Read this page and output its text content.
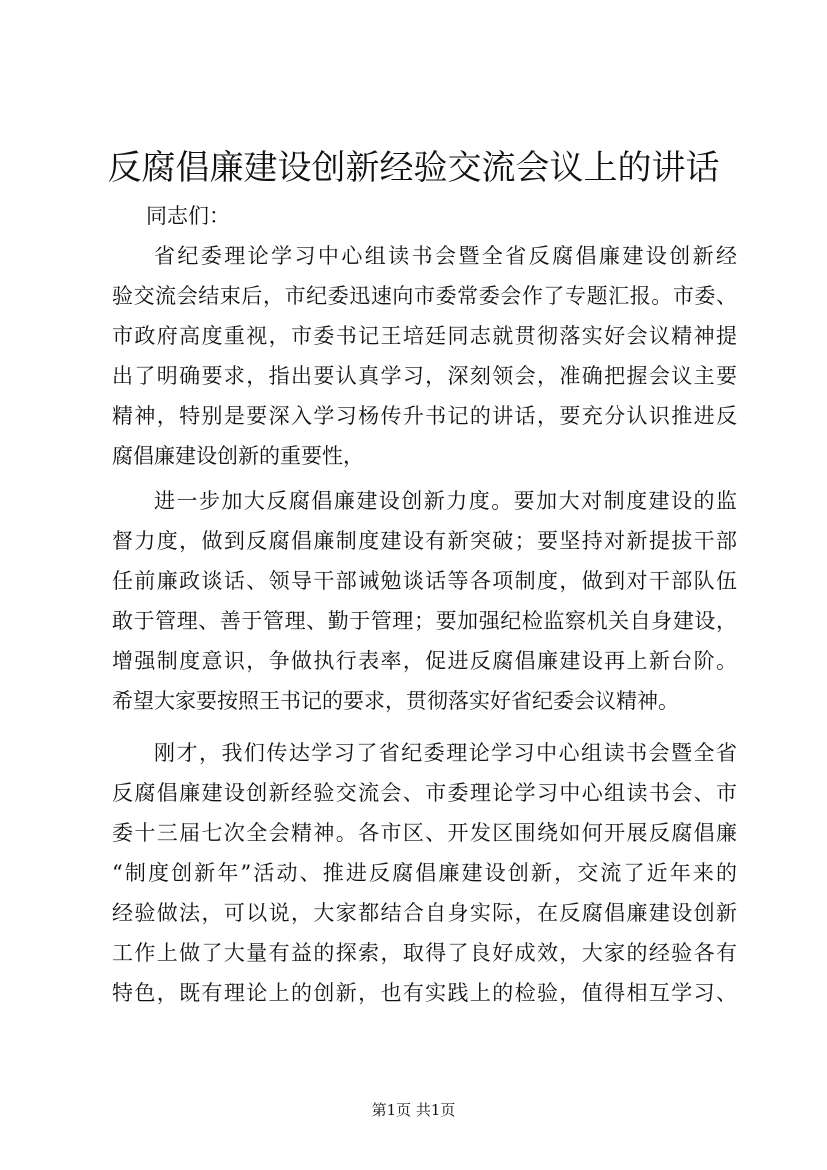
反腐倡廉建设创新经验交流会议上的讲话

同志们：

省纪委理论学习中心组读书会暨全省反腐倡廉建设创新经
验交流会结束后，市纪委迅速向市委常委会作了专题汇报。市委、
市政府高度重视，市委书记王培廷同志就贯彻落实好会议精神提
出了明确要求，指出要认真学习，深刻领会，准确把握会议主要
精神，特别是要深入学习杨传升书记的讲话，要充分认识推进反
腐倡廉建设创新的重要性，
进一步加大反腐倡廉建设创新力度。要加大对制度建设的监
督力度，做到反腐倡廉制度建设有新突破；要坚持对新提拔干部
任前廉政谈话、领导干部诫勉谈话等各项制度，做到对干部队伍
敢于管理、善于管理、勤于管理；要加强纪检监察机关自身建设，
增强制度意识，争做执行表率，促进反腐倡廉建设再上新台阶。
希望大家要按照王书记的要求，贯彻落实好省纪委会议精神。
刚才，我们传达学习了省纪委理论学习中心组读书会暨全省
反腐倡廉建设创新经验交流会、市委理论学习中心组读书会、市
委十三届七次全会精神。各市区、开发区围绕如何开展反腐倡廉
“制度创新年”活动、推进反腐倡廉建设创新，交流了近年来的
经验做法，可以说，大家都结合自身实际，在反腐倡廉建设创新
工作上做了大量有益的探索，取得了良好成效，大家的经验各有
特色，既有理论上的创新，也有实践上的检验，值得相互学习、

第1页 共1页
